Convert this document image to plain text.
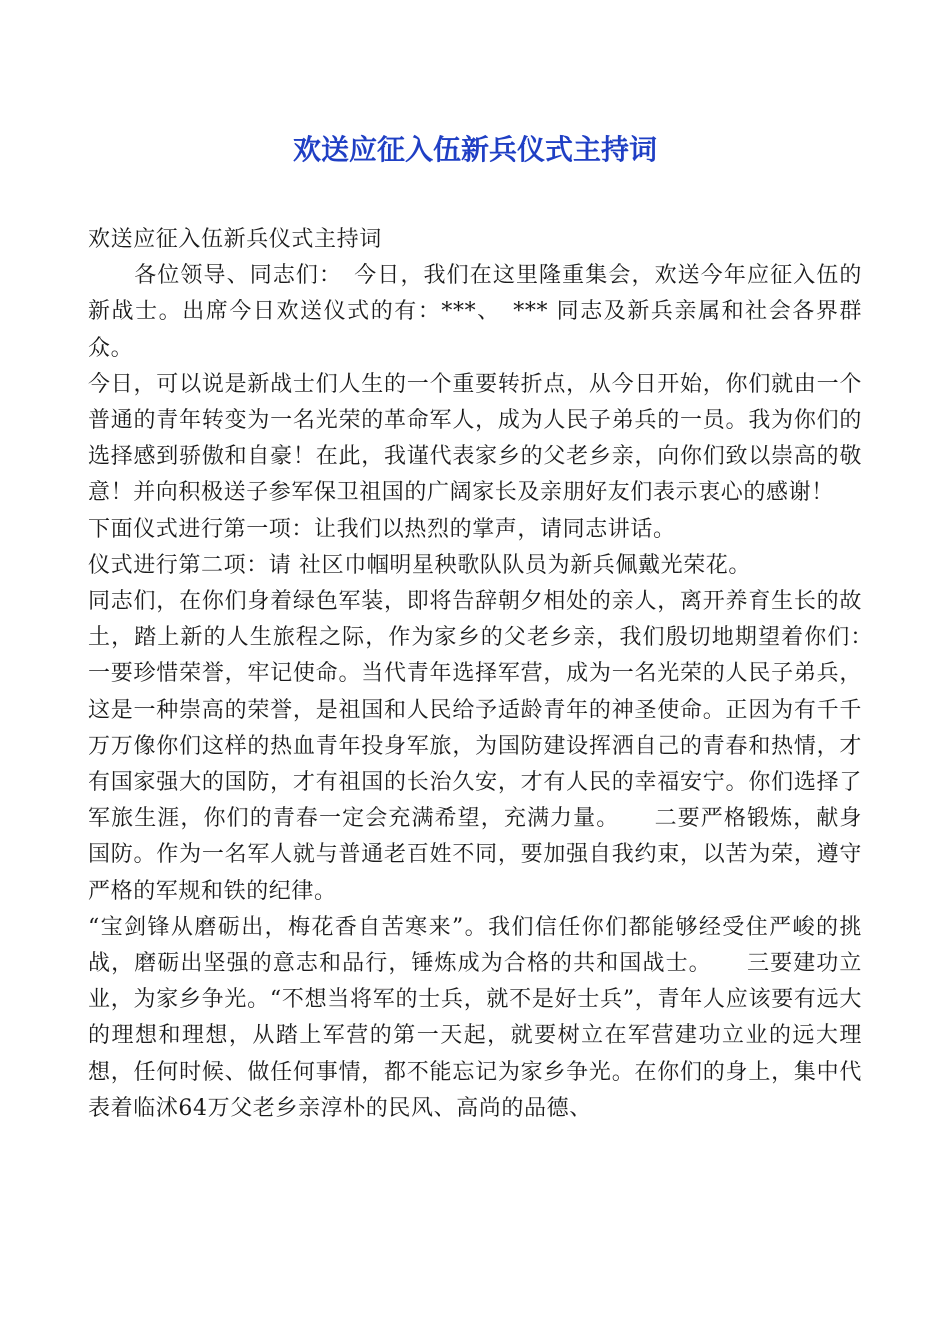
欢送应征入伍新兵仪式主持词

欢送应征入伍新兵仪式主持词

　　各位领导、同志们：　今日，我们在这里隆重集会，欢送今年应征入伍的新战士。出席今日欢送仪式的有：***、　*** 同志及新兵亲属和社会各界群众。

今日，可以说是新战士们人生的一个重要转折点，从今日开始，你们就由一个普通的青年转变为一名光荣的革命军人，成为人民子弟兵的一员。我为你们的选择感到骄傲和自豪！在此，我谨代表家乡的父老乡亲，向你们致以崇高的敬意！并向积极送子参军保卫祖国的广阔家长及亲朋好友们表示衷心的感谢！

下面仪式进行第一项：让我们以热烈的掌声，请同志讲话。

仪式进行第二项：请 社区巾帼明星秧歌队队员为新兵佩戴光荣花。

同志们，在你们身着绿色军装，即将告辞朝夕相处的亲人，离开养育生长的故土，踏上新的人生旅程之际，作为家乡的父老乡亲，我们殷切地期望着你们：　　一要珍惜荣誉，牢记使命。当代青年选择军营，成为一名光荣的人民子弟兵，这是一种崇高的荣誉，是祖国和人民给予适龄青年的神圣使命。正因为有千千万万像你们这样的热血青年投身军旅，为国防建设挥洒自己的青春和热情，才有国家强大的国防，才有祖国的长治久安，才有人民的幸福安宁。你们选择了军旅生涯，你们的青春一定会充满希望，充满力量。　　二要严格锻炼，献身国防。作为一名军人就与普通老百姓不同，要加强自我约束，以苦为荣，遵守严格的军规和铁的纪律。

“宝剑锋从磨砺出，梅花香自苦寒来”。我们信任你们都能够经受住严峻的挑战，磨砺出坚强的意志和品行，锤炼成为合格的共和国战士。　　三要建功立业，为家乡争光。“不想当将军的士兵，就不是好士兵”，青年人应该要有远大的理想和理想，从踏上军营的第一天起，就要树立在军营建功立业的远大理想，任何时候、做任何事情，都不能忘记为家乡争光。在你们的身上，集中代表着临沭64万父老乡亲淳朴的民风、高尚的品德、
